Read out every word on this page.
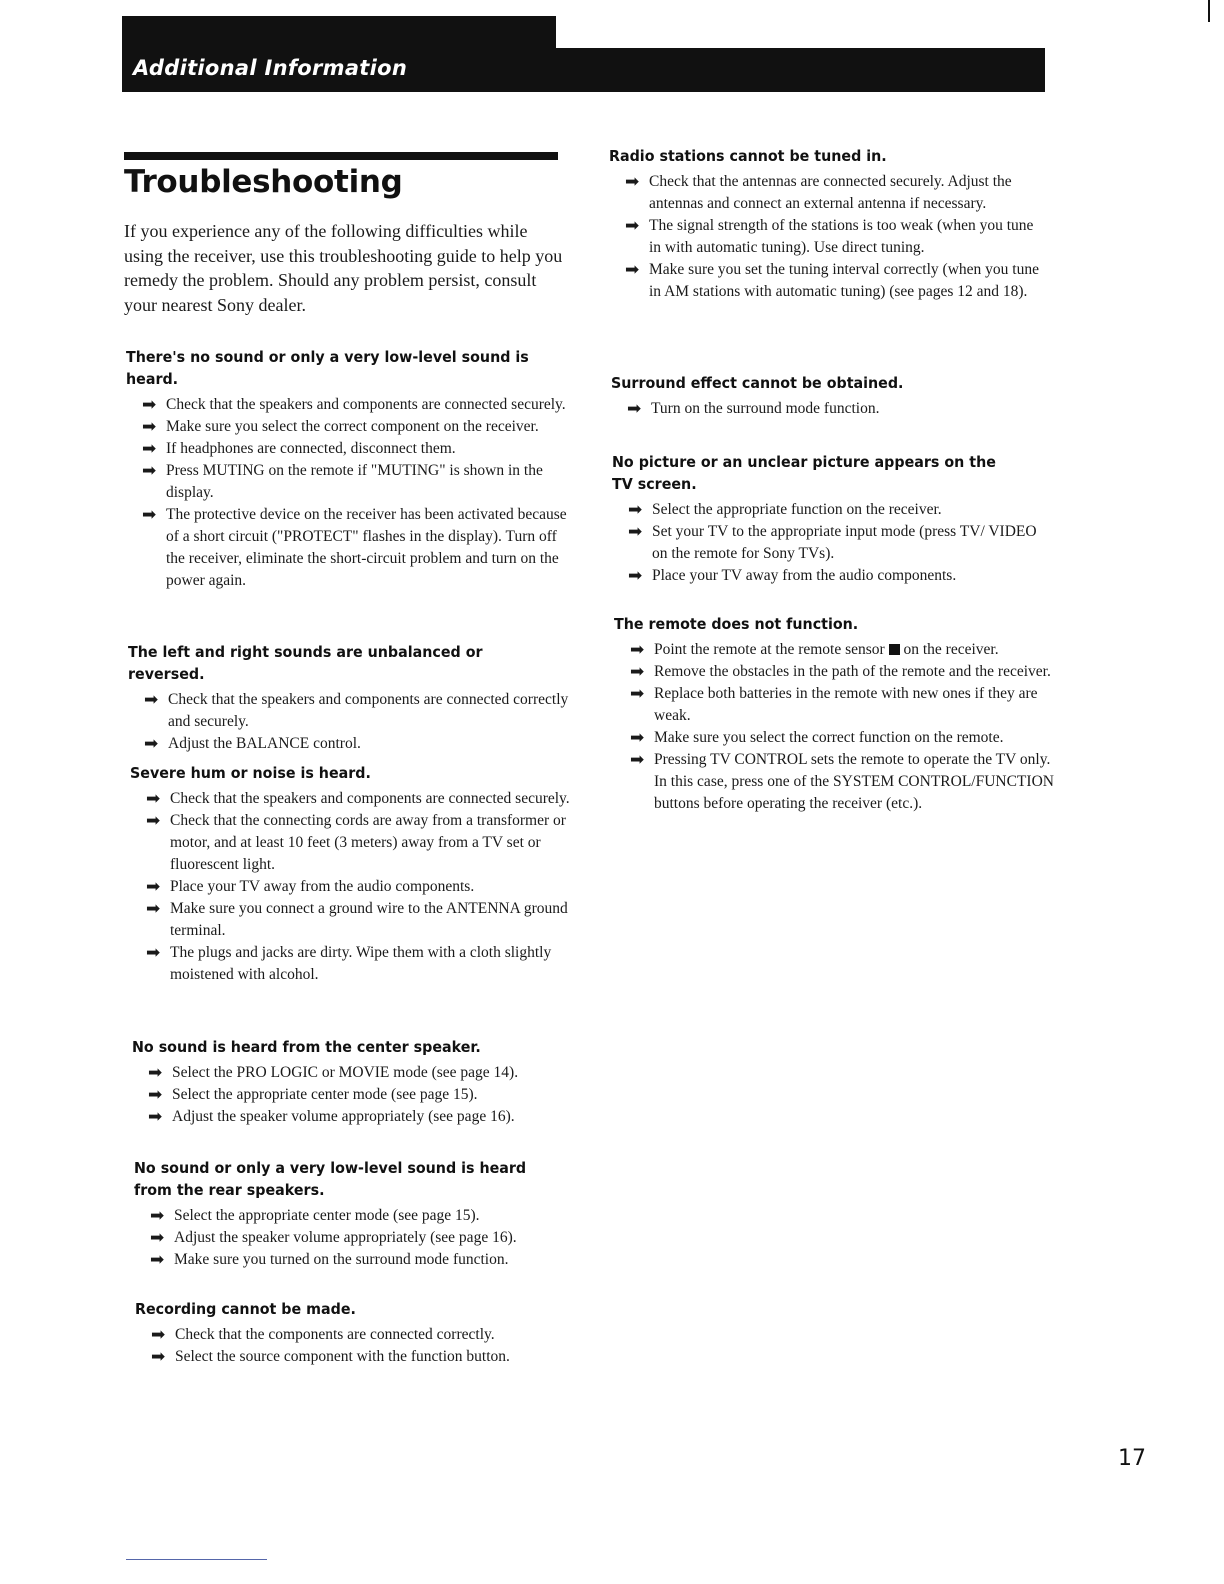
Additional Information
Troubleshooting

If you experience any of the following difficulties while using the receiver, use this troubleshooting guide to help you remedy the problem. Should any problem persist, consult your nearest Sony dealer.

There's no sound or only a very low-level sound is heard.
➡ Check that the speakers and components are connected securely.
➡ Make sure you select the correct component on the receiver.
➡ If headphones are connected, disconnect them.
➡ Press MUTING on the remote if "MUTING" is shown in the display.
➡ The protective device on the receiver has been activated because of a short circuit ("PROTECT" flashes in the display). Turn off the receiver, eliminate the short-circuit problem and turn on the power again.
The left and right sounds are unbalanced or reversed.
➡ Check that the speakers and components are connected correctly and securely.
➡ Adjust the BALANCE control.
Severe hum or noise is heard.
➡ Check that the speakers and components are connected securely.
➡ Check that the connecting cords are away from a transformer or motor, and at least 10 feet (3 meters) away from a TV set or fluorescent light.
➡ Place your TV away from the audio components.
➡ Make sure you connect a ground wire to the ANTENNA ground terminal.
➡ The plugs and jacks are dirty. Wipe them with a cloth slightly moistened with alcohol.
No sound is heard from the center speaker.
➡ Select the PRO LOGIC or MOVIE mode (see page 14).
➡ Select the appropriate center mode (see page 15).
➡ Adjust the speaker volume appropriately (see page 16).
No sound or only a very low-level sound is heard from the rear speakers.
➡ Select the appropriate center mode (see page 15).
➡ Adjust the speaker volume appropriately (see page 16).
➡ Make sure you turned on the surround mode function.
Recording cannot be made.
➡ Check that the components are connected correctly.
➡ Select the source component with the function button.
Radio stations cannot be tuned in.
➡ Check that the antennas are connected securely. Adjust the antennas and connect an external antenna if necessary.
➡ The signal strength of the stations is too weak (when you tune in with automatic tuning). Use direct tuning.
➡ Make sure you set the tuning interval correctly (when you tune in AM stations with automatic tuning) (see pages 12 and 18).
Surround effect cannot be obtained.
➡ Turn on the surround mode function.
No picture or an unclear picture appears on the TV screen.
➡ Select the appropriate function on the receiver.
➡ Set your TV to the appropriate input mode (press TV/ VIDEO on the remote for Sony TVs).
➡ Place your TV away from the audio components.
The remote does not function.
➡ Point the remote at the remote sensor on the receiver.
➡ Remove the obstacles in the path of the remote and the receiver.
➡ Replace both batteries in the remote with new ones if they are weak.
➡ Make sure you select the correct function on the remote.
➡ Pressing TV CONTROL sets the remote to operate the TV only. In this case, press one of the SYSTEM CONTROL/FUNCTION buttons before operating the receiver (etc.).
17
